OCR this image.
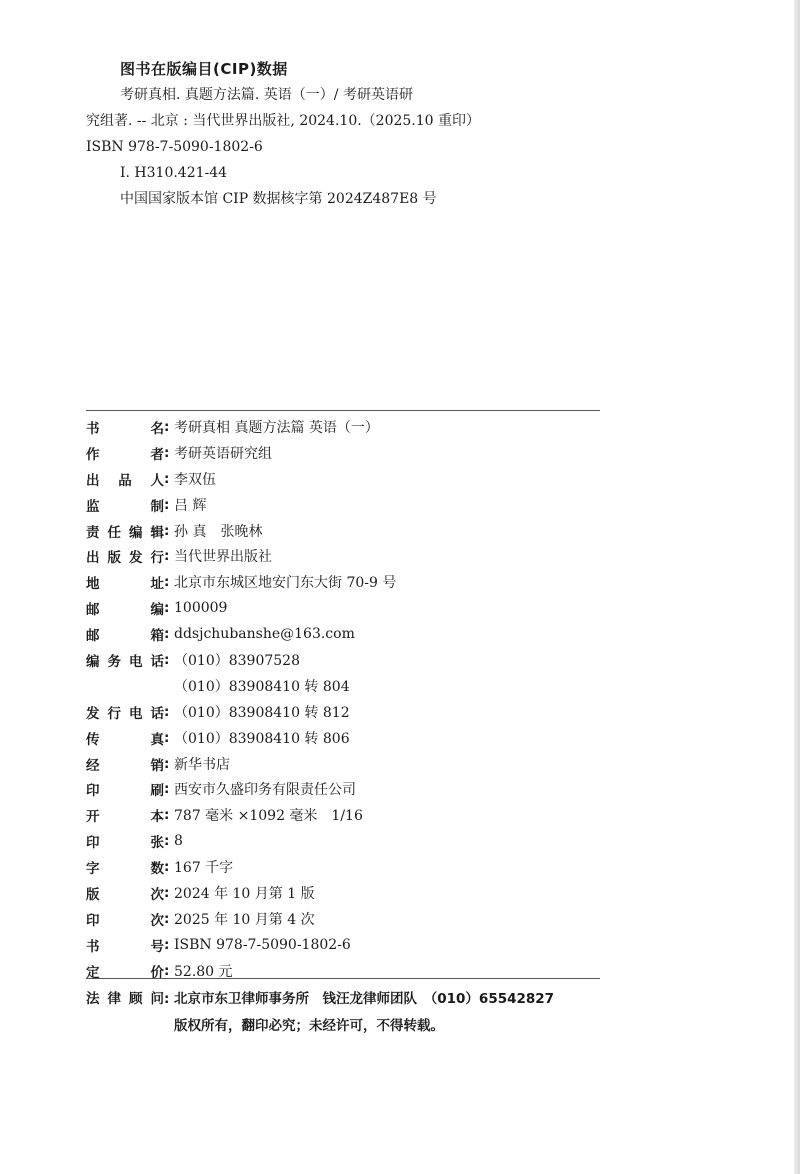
图书在版编目(CIP)数据
考研真相. 真题方法篇. 英语（一）/ 考研英语研
究组著. -- 北京 : 当代世界出版社, 2024.10.（2025.10 重印）
ISBN 978-7-5090-1802-6
Ⅰ. H310.421-44
中国国家版本馆 CIP 数据核字第 2024Z487E8 号
书名 : 考研真相 真题方法篇 英语（一）
作者 : 考研英语研究组
出品人 : 李双伍
监制 : 吕 辉
责任编辑 : 孙 真　张晚林
出版发行 : 当代世界出版社
地址 : 北京市东城区地安门东大街 70-9 号
邮编 : 100009
邮箱 : ddsjchubanshe@163.com
编务电话 : （010）83907528
（010）83908410 转 804
发行电话 : （010）83908410 转 812
传真 : （010）83908410 转 806
经销 : 新华书店
印刷 : 西安市久盛印务有限责任公司
开本 : 787 毫米 ×1092 毫米　1/16
印张 : 8
字数 : 167 千字
版次 : 2024 年 10 月第 1 版
印次 : 2025 年 10 月第 4 次
书号 : ISBN 978-7-5090-1802-6
定价 : 52.80 元
法律顾问 : 北京市东卫律师事务所　钱汪龙律师团队　（010）65542827
版权所有，翻印必究；未经许可，不得转载。
